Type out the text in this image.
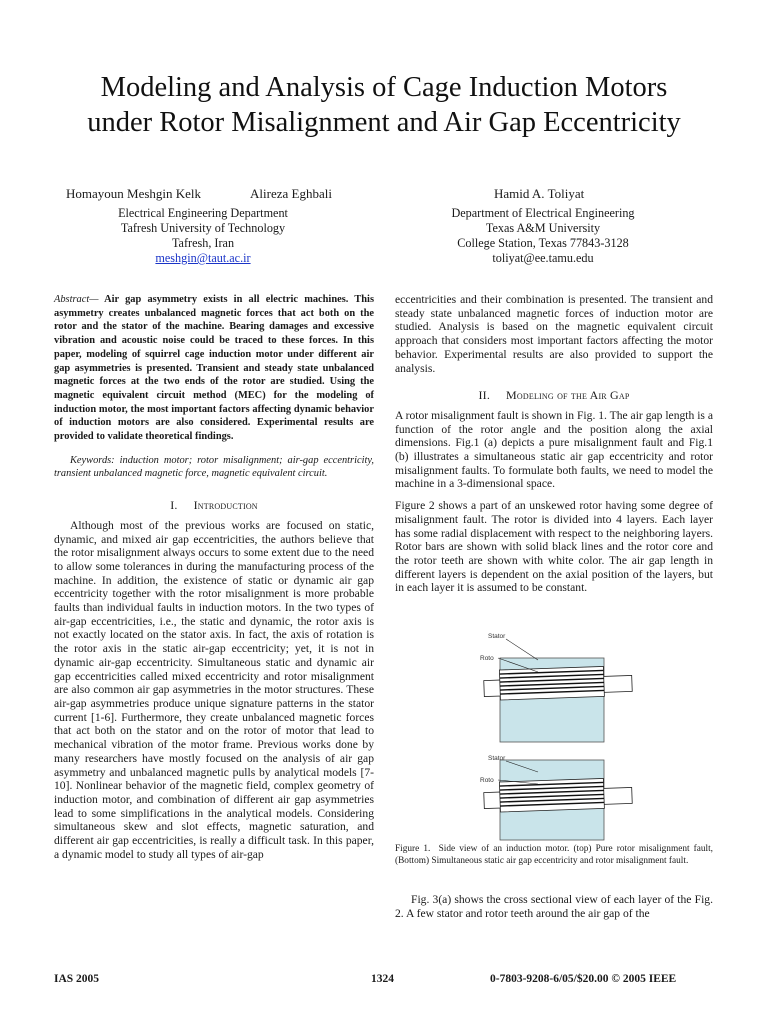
Modeling and Analysis of Cage Induction Motors
under Rotor Misalignment and Air Gap Eccentricity
Homayoun Meshgin Kelk	Alireza Eghbali	Hamid A. Toliyat
Electrical Engineering Department
Tafresh University of Technology
Tafresh, Iran
meshgin@taut.ac.ir
Department of Electrical Engineering
Texas A&M University
College Station, Texas 77843-3128
toliyat@ee.tamu.edu

Abstract— Air gap asymmetry exists in all electric machines. This asymmetry creates unbalanced magnetic forces that act both on the rotor and the stator of the machine. Bearing damages and excessive vibration and acoustic noise could be traced to these forces. In this paper, modeling of squirrel cage induction motor under different air gap asymmetries is presented. Transient and steady state unbalanced magnetic forces at the two ends of the rotor are studied. Using the magnetic equivalent circuit method (MEC) for the modeling of induction motor, the most important factors affecting dynamic behavior of induction motors are also considered. Experimental results are provided to validate theoretical findings.

Keywords: induction motor; rotor misalignment; air-gap eccentricity, transient unbalanced magnetic force, magnetic equivalent circuit.

I. Introduction

Although most of the previous works are focused on static, dynamic, and mixed air gap eccentricities, the authors believe that the rotor misalignment always occurs to some extent due to the need to allow some tolerances in during the manufacturing process of the machine. In addition, the existence of static or dynamic air gap eccentricity together with the rotor misalignment is more probable faults than individual faults in induction motors. In the two types of air-gap eccentricities, i.e., the static and dynamic, the rotor axis is not exactly located on the stator axis. In fact, the axis of rotation is the rotor axis in the static air-gap eccentricity; yet, it is not in dynamic air-gap eccentricity. Simultaneous static and dynamic air gap eccentricities called mixed eccentricity and rotor misalignment are also common air gap asymmetries in the motor structures. These air-gap asymmetries produce unique signature patterns in the stator current [1-6]. Furthermore, they create unbalanced magnetic forces that act both on the stator and on the rotor of motor that lead to mechanical vibration of the motor frame. Previous works done by many researchers have mostly focused on the analysis of air gap asymmetry and unbalanced magnetic pulls by analytical models [7-10]. Nonlinear behavior of the magnetic field, complex geometry of induction motor, and combination of different air gap asymmetries lead to some simplifications in the analytical models. Considering simultaneous skew and slot effects, magnetic saturation, and different air gap eccentricities, is really a difficult task. In this paper, a dynamic model to study all types of air-gap

eccentricities and their combination is presented. The transient and steady state unbalanced magnetic forces of induction motor are studied. Analysis is based on the magnetic equivalent circuit approach that considers most important factors affecting the motor behavior. Experimental results are also provided to support the analysis.

II. Modeling of the Air Gap

A rotor misalignment fault is shown in Fig. 1. The air gap length is a function of the rotor angle and the position along the axial dimensions. Fig.1 (a) depicts a pure misalignment fault and Fig.1 (b) illustrates a simultaneous static air gap eccentricity and rotor misalignment faults. To formulate both faults, we need to model the machine in a 3-dimensional space.

Figure 2 shows a part of an unskewed rotor having some degree of misalignment fault. The rotor is divided into 4 layers. Each layer has some radial displacement with respect to the neighboring layers. Rotor bars are shown with solid black lines and the rotor core and the rotor teeth are shown with white color. The air gap length in different layers is dependent on the axial position of the layers, but in each layer it is assumed to be constant.

Stator
Roto
Stator
Roto
Figure 1. Side view of an induction motor. (top) Pure rotor misalignment fault, (Bottom) Simultaneous static air gap eccentricity and rotor misalignment fault.

Fig. 3(a) shows the cross sectional view of each layer of the Fig. 2. A few stator and rotor teeth around the air gap of the

IAS 2005	1324	0-7803-9208-6/05/$20.00 © 2005 IEEE
